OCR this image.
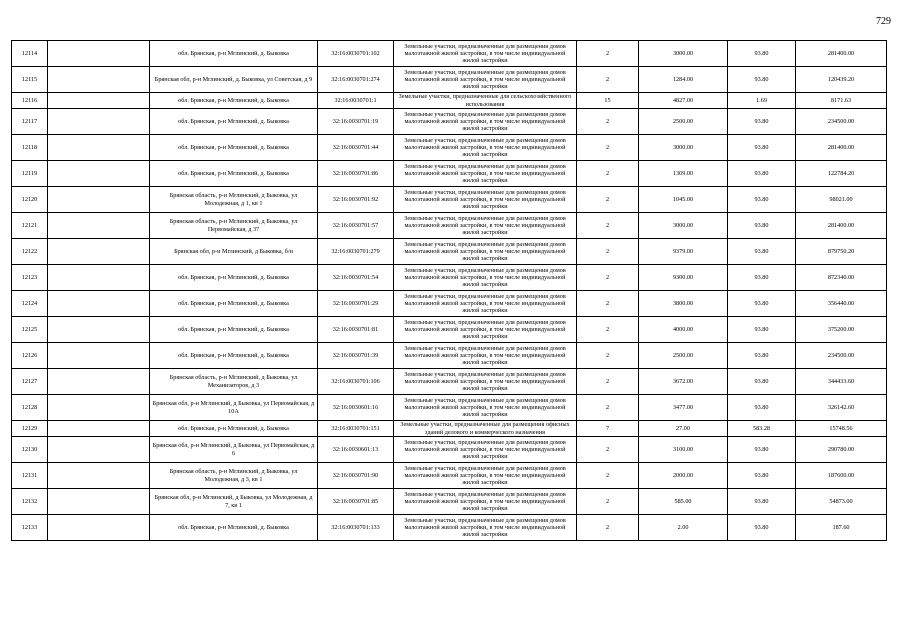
729
12114		обл. Брянская, р-н Мглинский, д. Быковка	32:16:0030701:102	Земельные участки, предназначенные для размещения домов малоэтажной жилой застройки, в том числе индивидуальной жилой застройки	2	3000.00	93.80	281400.00
12115		Брянская обл, р-н Мглинский, д. Быковка, ул Советская, д 9	32:16:0030701:274	Земельные участки, предназначенные для размещения домов малоэтажной жилой застройки, в том числе индивидуальной жилой застройки	2	1284.00	93.80	120439.20
12116		обл. Брянская, р-н Мглинский, д. Быковка	32:16:0030701:1	Земельные участки, предназначенные для сельскохозяйственного использования	15	4827.00	1.69	8171.63
12117		обл. Брянская, р-н Мглинский, д. Быковка	32:16:0030701:19	Земельные участки, предназначенные для размещения домов малоэтажной жилой застройки, в том числе индивидуальной жилой застройки	2	2500.00	93.80	234500.00
12118		обл. Брянская, р-н Мглинский, д. Быковка	32:16:0030701:44	Земельные участки, предназначенные для размещения домов малоэтажной жилой застройки, в том числе индивидуальной жилой застройки	2	3000.00	93.80	281400.00
12119		обл. Брянская, р-н Мглинский, д. Быковка	32:16:0030701:86	Земельные участки, предназначенные для размещения домов малоэтажной жилой застройки, в том числе индивидуальной жилой застройки	2	1309.00	93.80	122784.20
12120		Брянская область, р-н Мглинский, д Быковка, ул Молодежная, д 1, кв 1	32:16:0030701:92	Земельные участки, предназначенные для размещения домов малоэтажной жилой застройки, в том числе индивидуальной жилой застройки	2	1045.00	93.80	98021.00
12121		Брянская область, р-н Мглинский, д Быковка, ул Первомайская, д 37	32:16:0030701:57	Земельные участки, предназначенные для размещения домов малоэтажной жилой застройки, в том числе индивидуальной жилой застройки	2	3000.00	93.80	281400.00
12122		Брянская обл, р-н Мглинский, д Быковка, б/н	32:16:0030701:279	Земельные участки, предназначенные для размещения домов малоэтажной жилой застройки, в том числе индивидуальной жилой застройки	2	9379.00	93.80	879750.20
12123		обл. Брянская, р-н Мглинский, д. Быковка	32:16:0030701:54	Земельные участки, предназначенные для размещения домов малоэтажной жилой застройки, в том числе индивидуальной жилой застройки	2	9300.00	93.80	872340.00
12124		обл. Брянская, р-н Мглинский, д. Быковка	32:16:0030701:29	Земельные участки, предназначенные для размещения домов малоэтажной жилой застройки, в том числе индивидуальной жилой застройки	2	3800.00	93.80	356440.00
12125		обл. Брянская, р-н Мглинский, д. Быковка	32:16:0030701:81	Земельные участки, предназначенные для размещения домов малоэтажной жилой застройки, в том числе индивидуальной жилой застройки	2	4000.00	93.80	375200.00
12126		обл. Брянская, р-н Мглинский, д. Быковка	32:16:0030701:39	Земельные участки, предназначенные для размещения домов малоэтажной жилой застройки, в том числе индивидуальной жилой застройки	2	2500.00	93.80	234500.00
12127		Брянская область, р-н Мглинский, д Быковка, ул Механизаторов, д 3	32:16:0030701:106	Земельные участки, предназначенные для размещения домов малоэтажной жилой застройки, в том числе индивидуальной жилой застройки	2	3672.00	93.80	344433.60
12128		Брянская обл, р-н Мглинский, д Быковка, ул Первомайская, д 10А	32:16:0030601:16	Земельные участки, предназначенные для размещения домов малоэтажной жилой застройки, в том числе индивидуальной жилой застройки	2	3477.00	93.80	326142.60
12129		обл. Брянская, р-н Мглинский, д. Быковка	32:16:0030701:151	Земельные участки, предназначенные для размещения офисных зданий делового и коммерческого назначения	7	27.00	583.28	15748.56
12130		Брянская обл, р-н Мглинский, д Быковка, ул Первомайская, д 6	32:16:0030601:13	Земельные участки, предназначенные для размещения домов малоэтажной жилой застройки, в том числе индивидуальной жилой застройки	2	3100.00	93.80	290780.00
12131		Брянская область, р-н Мглинский, д Быковка, ул Молодежная, д 3, кв 1	32:16:0030701:90	Земельные участки, предназначенные для размещения домов малоэтажной жилой застройки, в том числе индивидуальной жилой застройки	2	2000.00	93.80	187600.00
12132		Брянская обл, р-н Мглинский, д Быковка, ул Молодежная, д 7, кв 1	32:16:0030701:85	Земельные участки, предназначенные для размещения домов малоэтажной жилой застройки, в том числе индивидуальной жилой застройки	2	585.00	93.80	54873.00
12133		обл. Брянская, р-н Мглинский, д. Быковка	32:16:0030701:133	Земельные участки, предназначенные для размещения домов малоэтажной жилой застройки, в том числе индивидуальной жилой застройки	2	2.00	93.80	187.60
